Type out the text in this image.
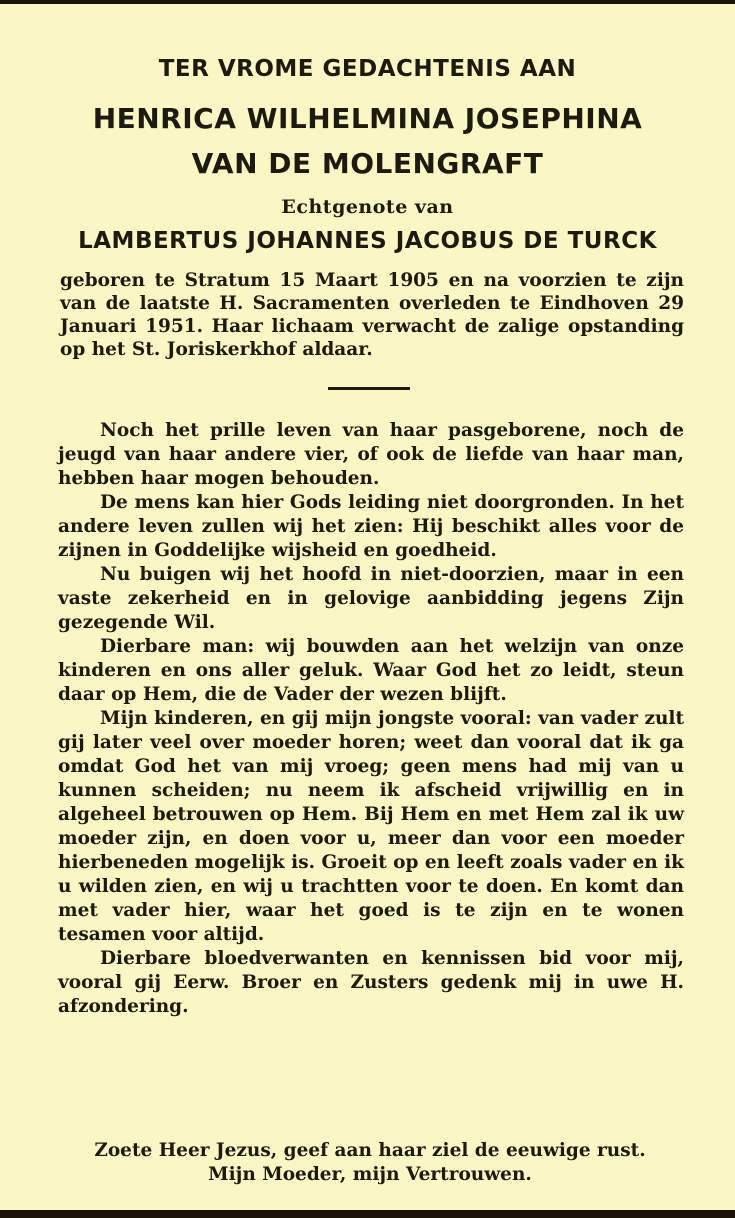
TER VROME GEDACHTENIS AAN
HENRICA WILHELMINA JOSEPHINA
VAN DE MOLENGRAFT
Echtgenote van
LAMBERTUS JOHANNES JACOBUS DE TURCK

geboren te Stratum 15 Maart 1905 en na voorzien te zijn van de laatste H. Sacramenten overleden te Eindhoven 29 Januari 1951. Haar lichaam verwacht de zalige opstanding op het St. Joriskerkhof aldaar.

Noch het prille leven van haar pasgeborene, noch de jeugd van haar andere vier, of ook de liefde van haar man, hebben haar mogen behouden.

De mens kan hier Gods leiding niet doorgronden. In het andere leven zullen wij het zien: Hij beschikt alles voor de zijnen in Goddelijke wijsheid en goedheid.

Nu buigen wij het hoofd in niet-doorzien, maar in een vaste zekerheid en in gelovige aanbidding jegens Zijn gezegende Wil.

Dierbare man: wij bouwden aan het welzijn van onze kinderen en ons aller geluk. Waar God het zo leidt, steun daar op Hem, die de Vader der wezen blijft.

Mijn kinderen, en gij mijn jongste vooral: van vader zult gij later veel over moeder horen; weet dan vooral dat ik ga omdat God het van mij vroeg; geen mens had mij van u kunnen scheiden; nu neem ik afscheid vrijwillig en in algeheel betrouwen op Hem. Bij Hem en met Hem zal ik uw moeder zijn, en doen voor u, meer dan voor een moeder hierbeneden mogelijk is. Groeit op en leeft zoals vader en ik u wilden zien, en wij u trachtten voor te doen. En komt dan met vader hier, waar het goed is te zijn en te wonen tesamen voor altijd.

Dierbare bloedverwanten en kennissen bid voor mij, vooral gij Eerw. Broer en Zusters gedenk mij in uwe H. afzondering.

Zoete Heer Jezus, geef aan haar ziel de eeuwige rust.

Mijn Moeder, mijn Vertrouwen.
